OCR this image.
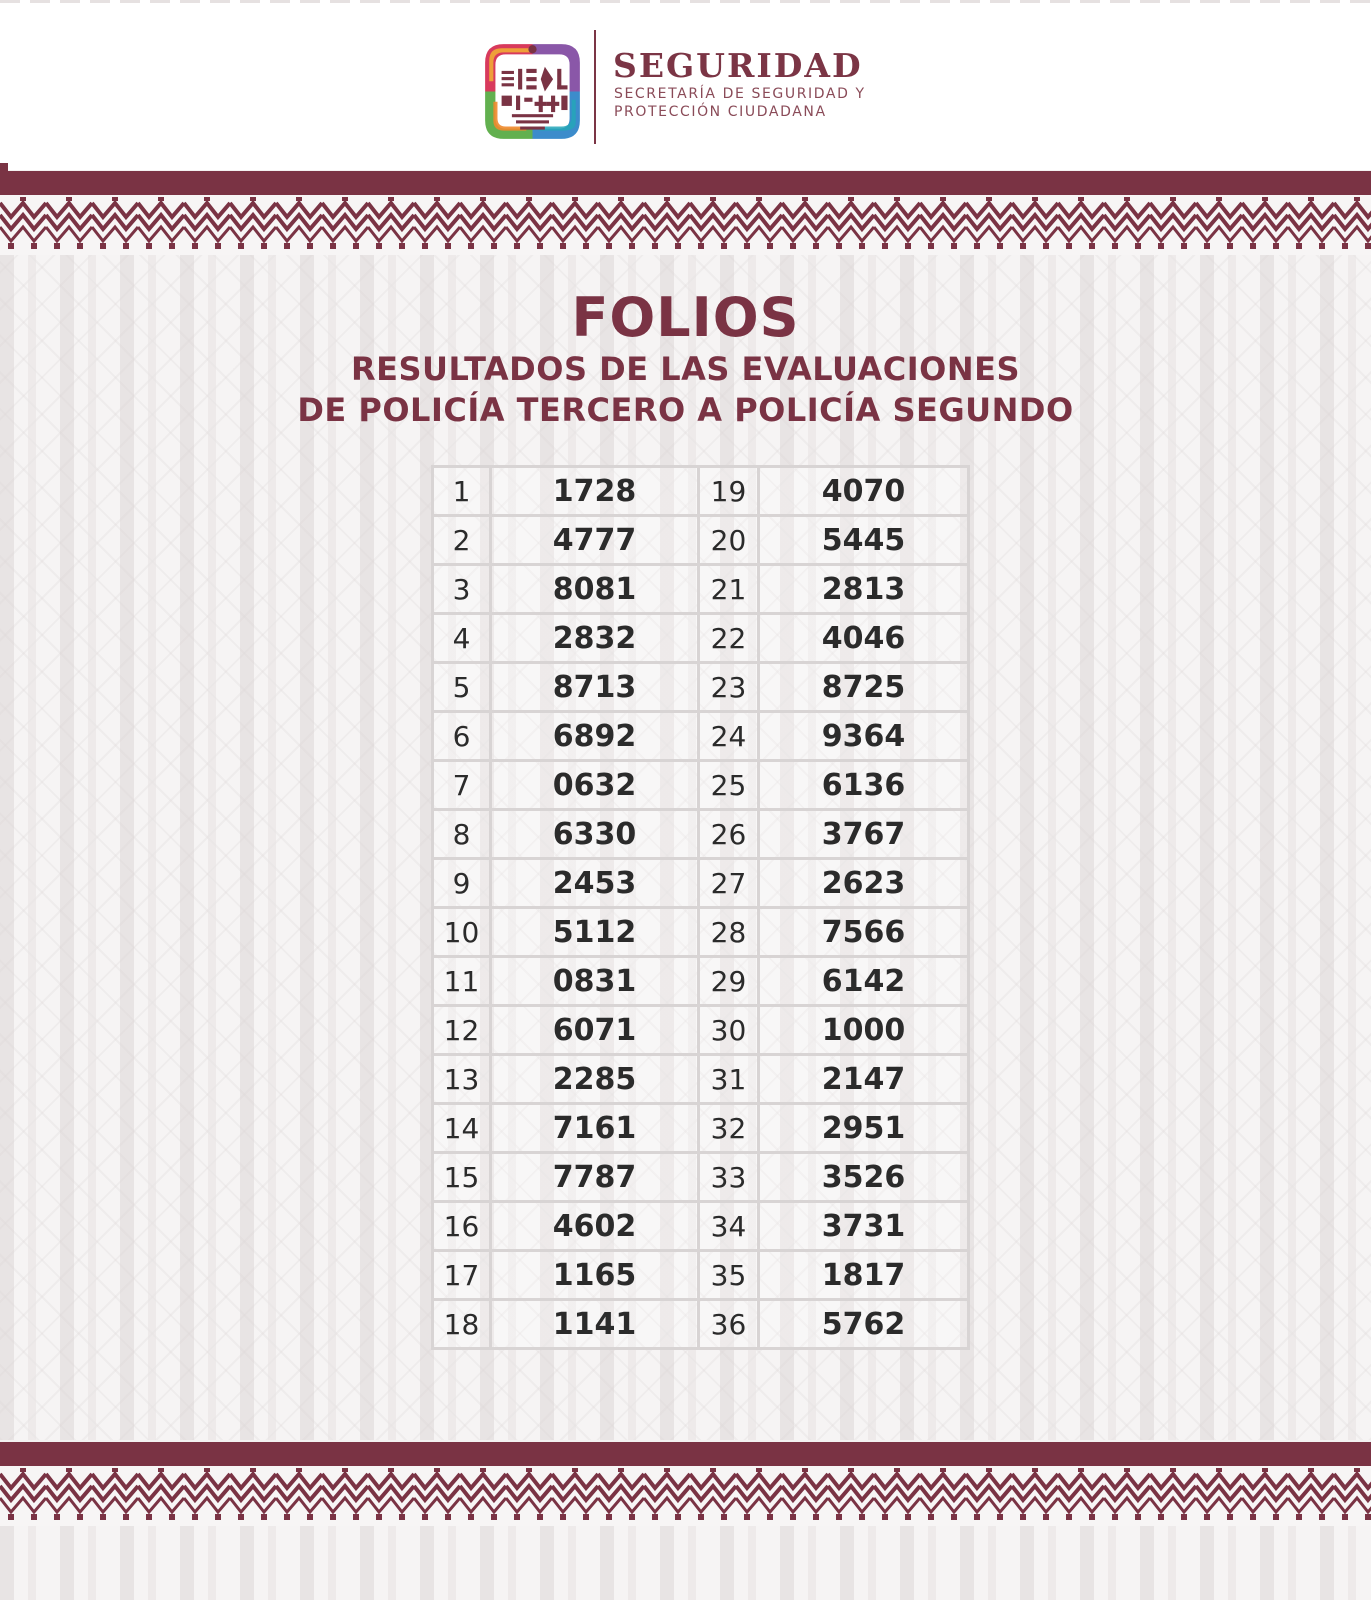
SEGURIDAD
SECRETARÍA DE SEGURIDAD Y
PROTECCIÓN CIUDADANA
FOLIOS
RESULTADOS DE LAS EVALUACIONES
DE POLICÍA TERCERO A POLICÍA SEGUNDO
1	1728	19	4070
2	4777	20	5445
3	8081	21	2813
4	2832	22	4046
5	8713	23	8725
6	6892	24	9364
7	0632	25	6136
8	6330	26	3767
9	2453	27	2623
10	5112	28	7566
11	0831	29	6142
12	6071	30	1000
13	2285	31	2147
14	7161	32	2951
15	7787	33	3526
16	4602	34	3731
17	1165	35	1817
18	1141	36	5762
